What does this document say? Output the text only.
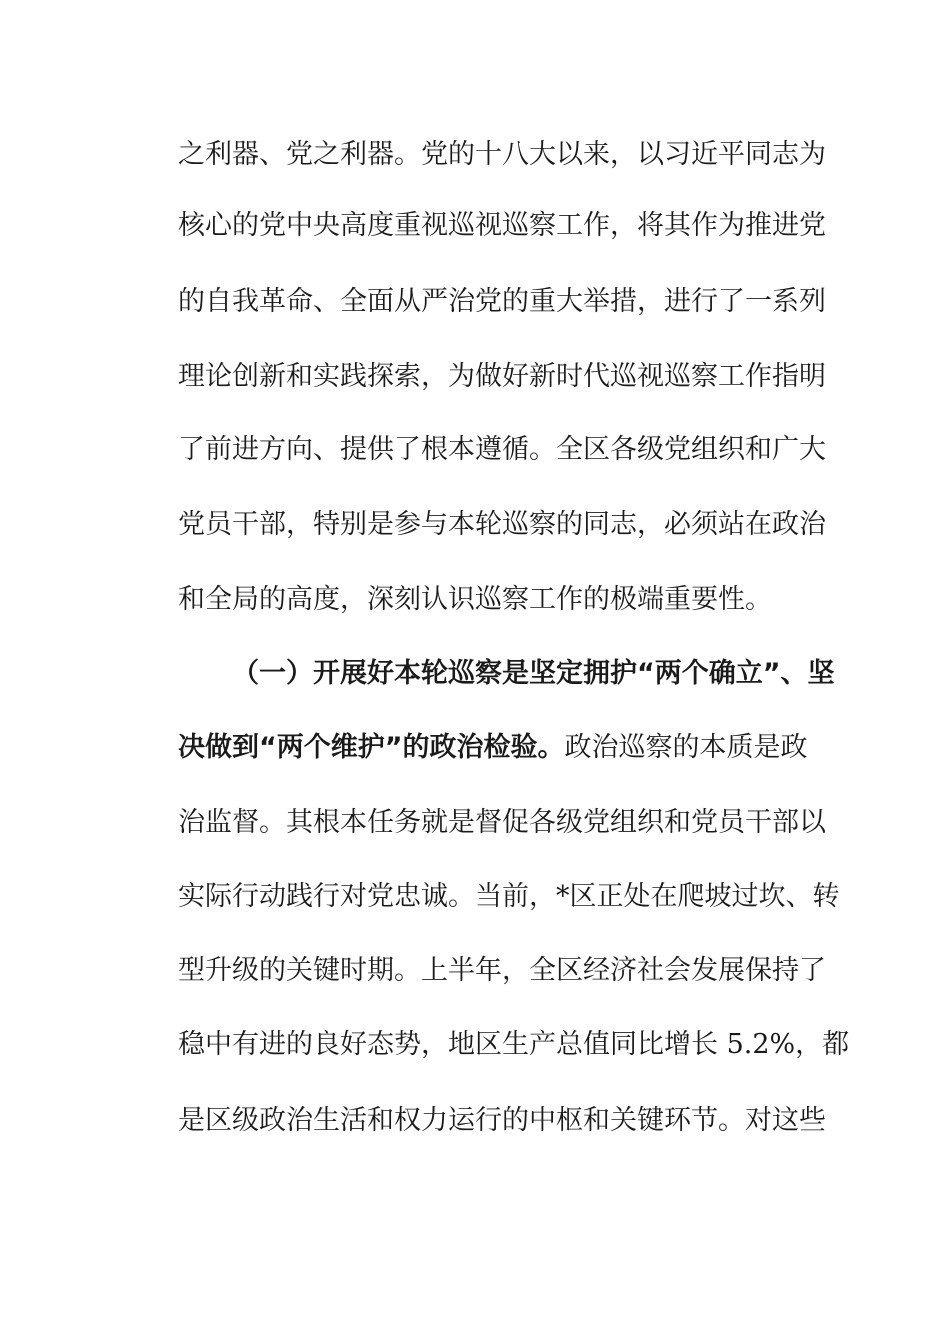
之利器、党之利器。党的十八大以来，以习近平同志为
核心的党中央高度重视巡视巡察工作，将其作为推进党
的自我革命、全面从严治党的重大举措，进行了一系列
理论创新和实践探索，为做好新时代巡视巡察工作指明
了前进方向、提供了根本遵循。全区各级党组织和广大
党员干部，特别是参与本轮巡察的同志，必须站在政治
和全局的高度，深刻认识巡察工作的极端重要性。
（一）开展好本轮巡察是坚定拥护“两个确立”、坚
决做到“两个维护”的政治检验。政治巡察的本质是政
治监督。其根本任务就是督促各级党组织和党员干部以
实际行动践行对党忠诚。当前，*区正处在爬坡过坎、转
型升级的关键时期。上半年，全区经济社会发展保持了
稳中有进的良好态势，地区生产总值同比增长 5.2%，都
是区级政治生活和权力运行的中枢和关键环节。对这些
